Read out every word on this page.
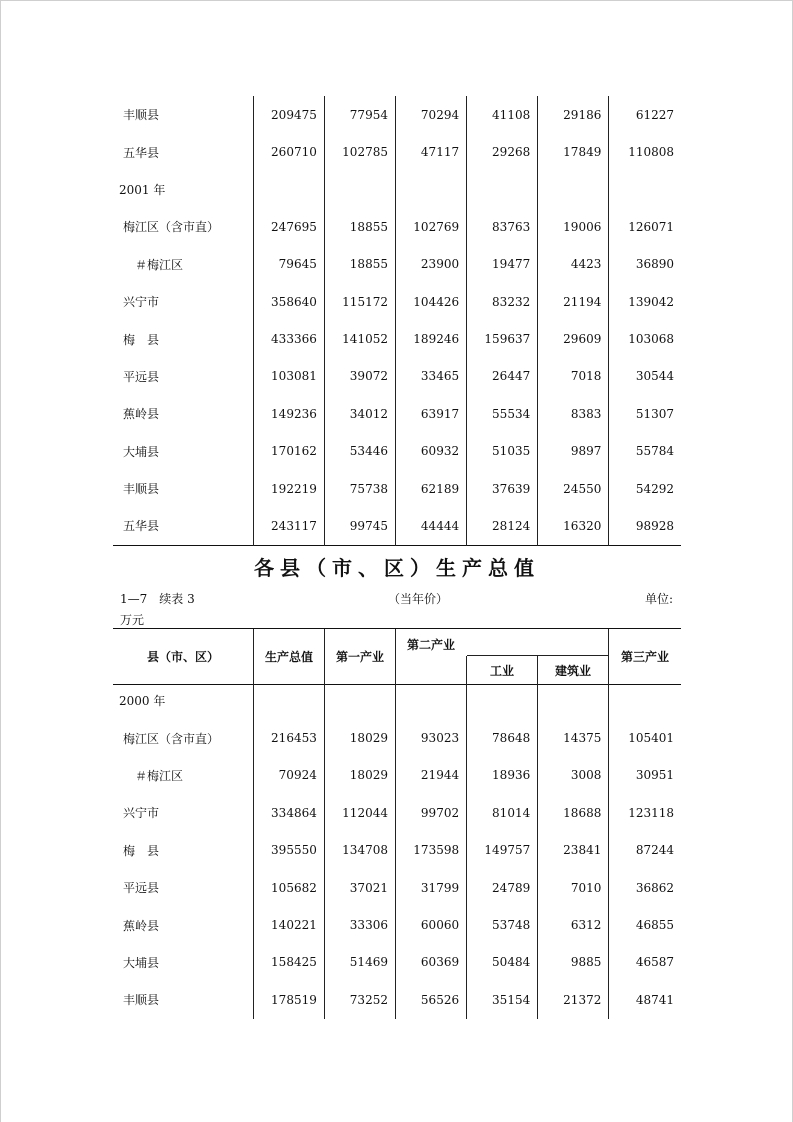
丰顺县	209475	77954	70294	41108	29186	61227
五华县	260710	102785	47117	29268	17849	110808
2001 年						
梅江区（含市直）	247695	18855	102769	83763	19006	126071
＃梅江区	79645	18855	23900	19477	4423	36890
兴宁市	358640	115172	104426	83232	21194	139042
梅　县	433366	141052	189246	159637	29609	103068
平远县	103081	39072	33465	26447	7018	30544
蕉岭县	149236	34012	63917	55534	8383	51307
大埔县	170162	53446	60932	51035	9897	55784
丰顺县	192219	75738	62189	37639	24550	54292
五华县	243117	99745	44444	28124	16320	98928
各县（市、区）生产总值
1—7　续表 3	（当年价）	单位:
万元
县（市、区）	生产总值	第一产业
第二产业
工业	建筑业
第三产业
2000 年						
梅江区（含市直）	216453	18029	93023	78648	14375	105401
＃梅江区	70924	18029	21944	18936	3008	30951
兴宁市	334864	112044	99702	81014	18688	123118
梅　县	395550	134708	173598	149757	23841	87244
平远县	105682	37021	31799	24789	7010	36862
蕉岭县	140221	33306	60060	53748	6312	46855
大埔县	158425	51469	60369	50484	9885	46587
丰顺县	178519	73252	56526	35154	21372	48741
